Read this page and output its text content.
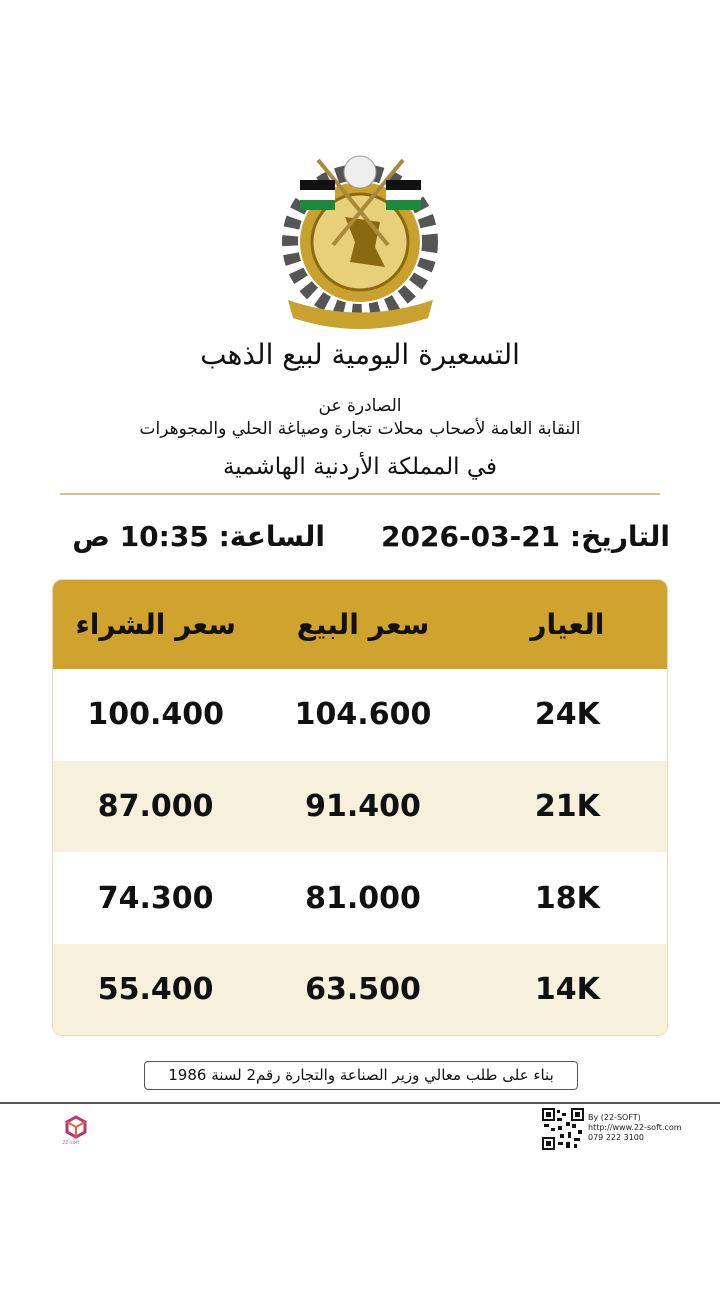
التسعيرة اليومية لبيع الذهب
الصادرة عن
النقابة العامة لأصحاب محلات تجارة وصياغة الحلي والمجوهرات
في المملكة الأردنية الهاشمية
التاريخ: 21-03-2026
الساعة: 10:35 ص
العيار
سعر البيع
سعر الشراء
24K
104.600
100.400
21K
91.400
87.000
18K
81.000
74.300
14K
63.500
55.400
بناء على طلب معالي وزير الصناعة والتجارة رقم2 لسنة 1986
22-soft
By (22-SOFT)
http://www.22-soft.com
079 222 3100
